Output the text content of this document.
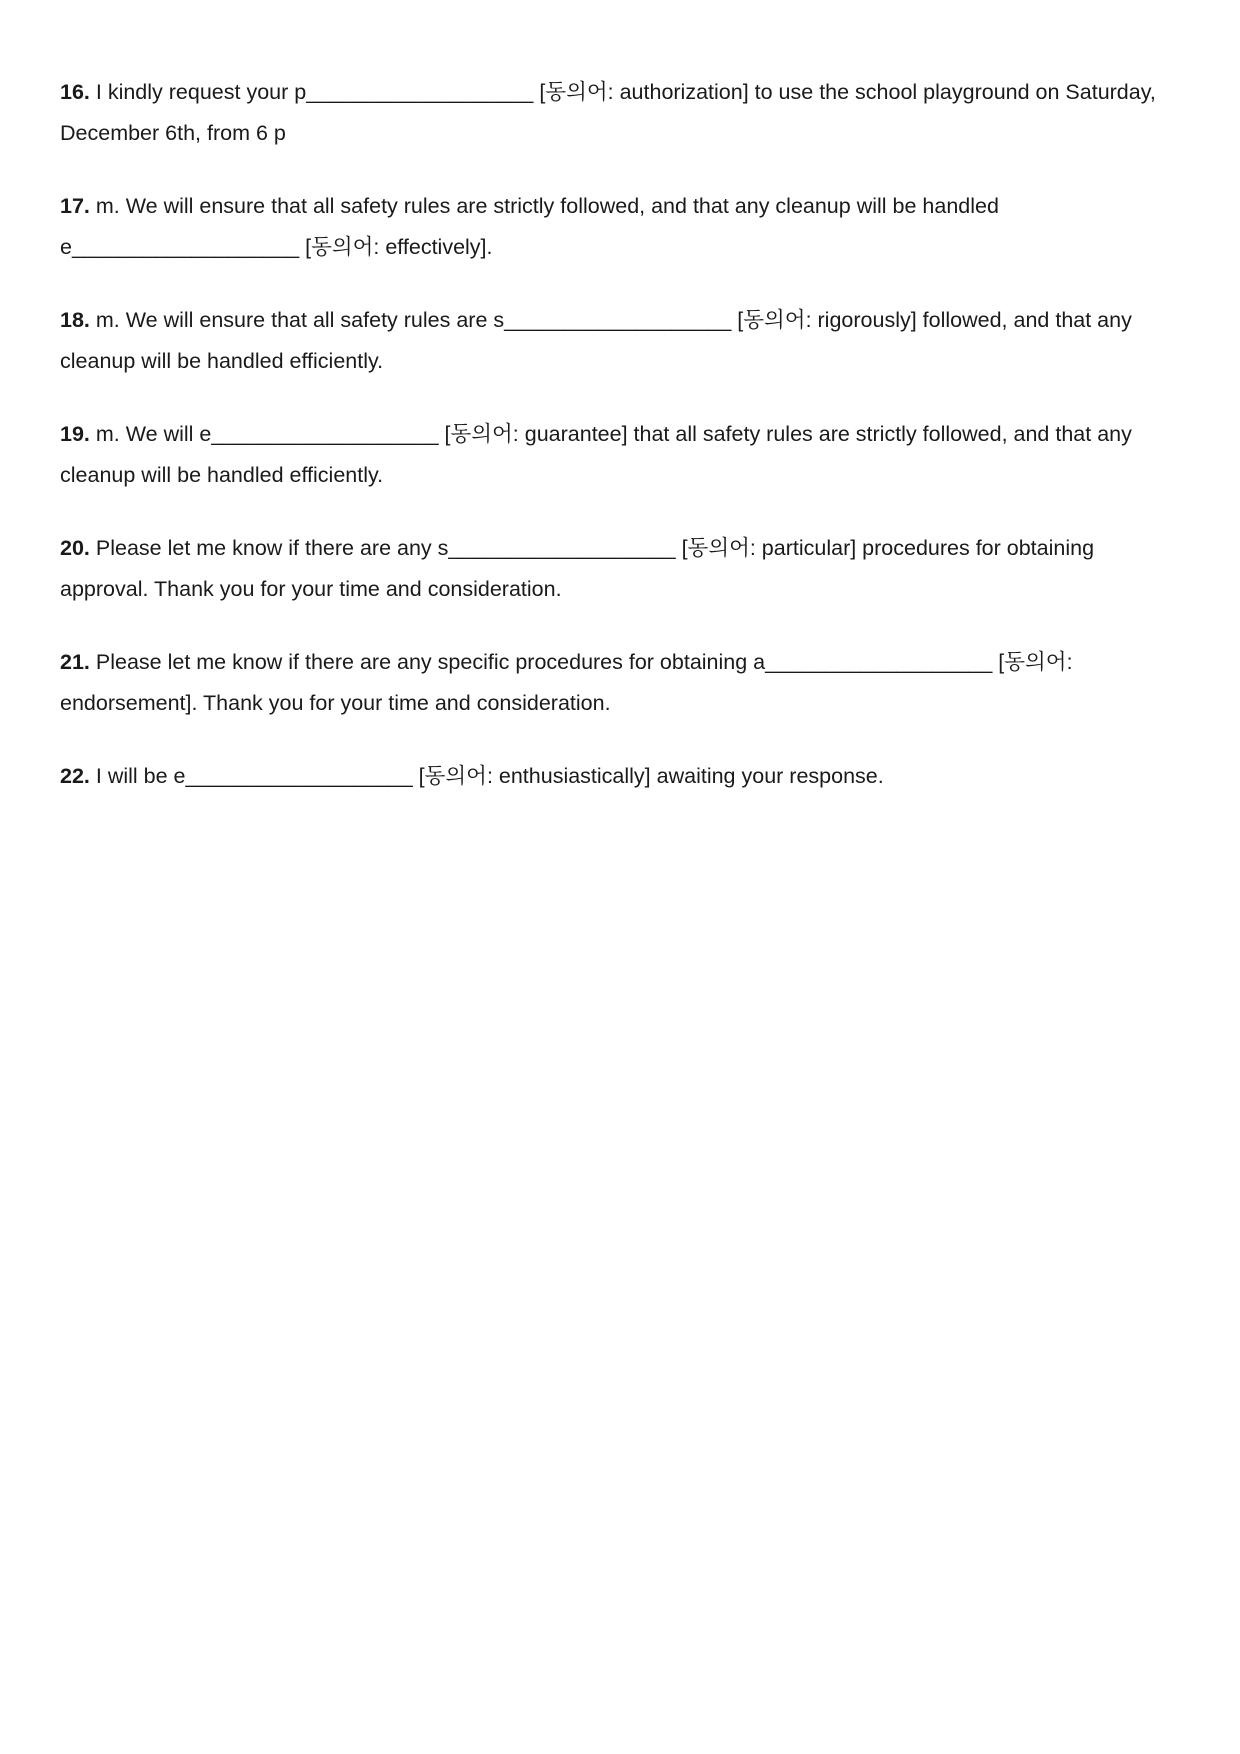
16. I kindly request your p___________________ [동의어: authorization] to use the school playground on Saturday, December 6th, from 6 p

17. m. We will ensure that all safety rules are strictly followed, and that any cleanup will be handled e___________________ [동의어: effectively].

18. m. We will ensure that all safety rules are s___________________ [동의어: rigorously] followed, and that any cleanup will be handled efficiently.

19. m. We will e___________________ [동의어: guarantee] that all safety rules are strictly followed, and that any cleanup will be handled efficiently.

20. Please let me know if there are any s___________________ [동의어: particular] procedures for obtaining approval. Thank you for your time and consideration.

21. Please let me know if there are any specific procedures for obtaining a___________________ [동의어: endorsement]. Thank you for your time and consideration.

22. I will be e___________________ [동의어: enthusiastically] awaiting your response.
